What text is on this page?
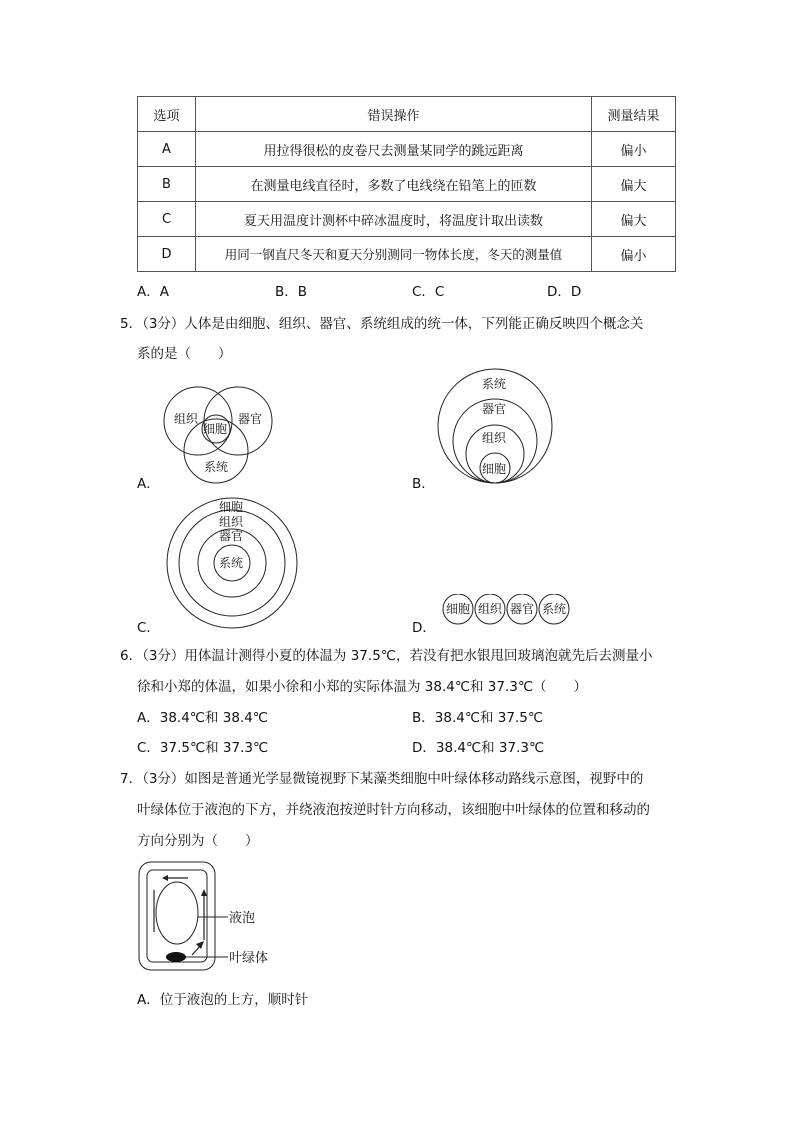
选项	错误操作	测量结果
A	用拉得很松的皮卷尺去测量某同学的跳远距离	偏小
B	在测量电线直径时，多数了电线绕在铅笔上的匝数	偏大
C	夏天用温度计测杯中碎冰温度时，将温度计取出读数	偏大
D	用同一钢直尺冬天和夏天分别测同一物体长度，冬天的测量值	偏小
A．A	B．B	C．C	D．D
5．（3分）人体是由细胞、组织、器官、系统组成的统一体，下列能正确反映四个概念关
系的是（　　）
组织	器官
细胞
系统
A．
系统
器官
组织
细胞
B．
细胞
组织
器官
系统
C．
细胞 组织 器官 系统
D．
6．（3分）用体温计测得小夏的体温为 37.5℃，若没有把水银甩回玻璃泡就先后去测量小
徐和小郑的体温，如果小徐和小郑的实际体温为 38.4℃和 37.3℃（　　）
A．38.4℃和 38.4℃	B．38.4℃和 37.5℃
C．37.5℃和 37.3℃	D．38.4℃和 37.3℃
7．（3分）如图是普通光学显微镜视野下某藻类细胞中叶绿体移动路线示意图，视野中的
叶绿体位于液泡的下方，并绕液泡按逆时针方向移动，该细胞中叶绿体的位置和移动的
方向分别为（　　）
液泡
叶绿体
A．位于液泡的上方，顺时针
